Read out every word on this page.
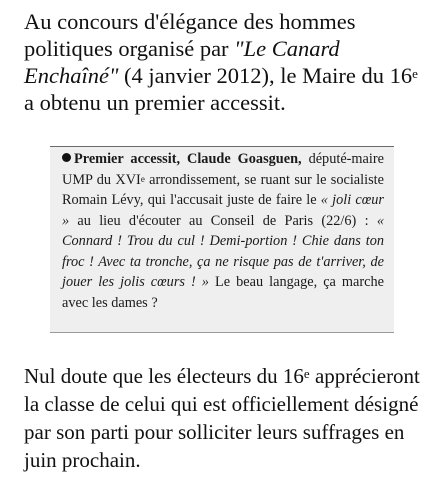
Au concours d'élégance des hommes politiques organisé par "Le Canard Enchaîné" (4 janvier 2012), le Maire du 16e a obtenu un premier accessit.

Premier accessit, Claude Goasguen, député-maire UMP du XVIe arrondissement, se ruant sur le socialiste Romain Lévy, qui l'accusait juste de faire le « joli cœur » au lieu d'écouter au Conseil de Paris (22/6) : « Connard ! Trou du cul ! Demi-portion ! Chie dans ton froc ! Avec ta tronche, ça ne risque pas de t'arriver, de jouer les jolis cœurs ! » Le beau langage, ça marche avec les dames ?

Nul doute que les électeurs du 16e apprécieront la classe de celui qui est officiellement désigné par son parti pour solliciter leurs suffrages en juin prochain.
